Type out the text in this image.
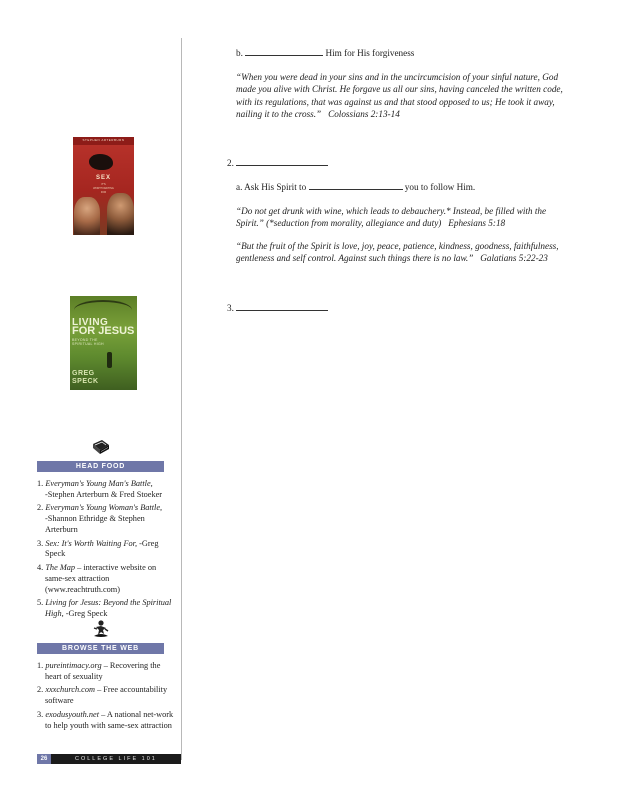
STEPHEN ARTERBURN
SEX
IT'S
WORTH WAITING
FOR
LIVING
FOR JESUS
BEYOND THE
SPIRITUAL HIGH
GREG
SPECK
HEAD FOOD
1. Everyman's Young Man's Battle,
-Stephen Arterburn & Fred Stoeker
2. Everyman's Young Woman's Battle,
-Shannon Ethridge & Stephen Arterburn
3. Sex: It's Worth Waiting For, -Greg Speck
4. The Map – interactive website on same-sex attraction (www.reachtruth.com)
5. Living for Jesus: Beyond the Spiritual High, -Greg Speck
BROWSE THE WEB
1. pureintimacy.org – Recovering the heart of sexuality
2. xxxchurch.com – Free accountability software
3. exodusyouth.net – A national net-work to help youth with same-sex attraction
26	COLLEGE LIFE 101
b.	Him for His forgiveness
“When you were dead in your sins and in the uncircumcision of your sinful nature, God
made you alive with Christ. He forgave us all our sins, having canceled the written code,
with its regulations, that was against us and that stood opposed to us; He took it away,
nailing it to the cross.” Colossians 2:13-14
2.
a. Ask His Spirit to	you to follow Him.
“Do not get drunk with wine, which leads to debauchery.* Instead, be filled with the
Spirit.” (*seduction from morality, allegiance and duty) Ephesians 5:18
“But the fruit of the Spirit is love, joy, peace, patience, kindness, goodness, faithfulness,
gentleness and self control. Against such things there is no law.” Galatians 5:22-23
3.
